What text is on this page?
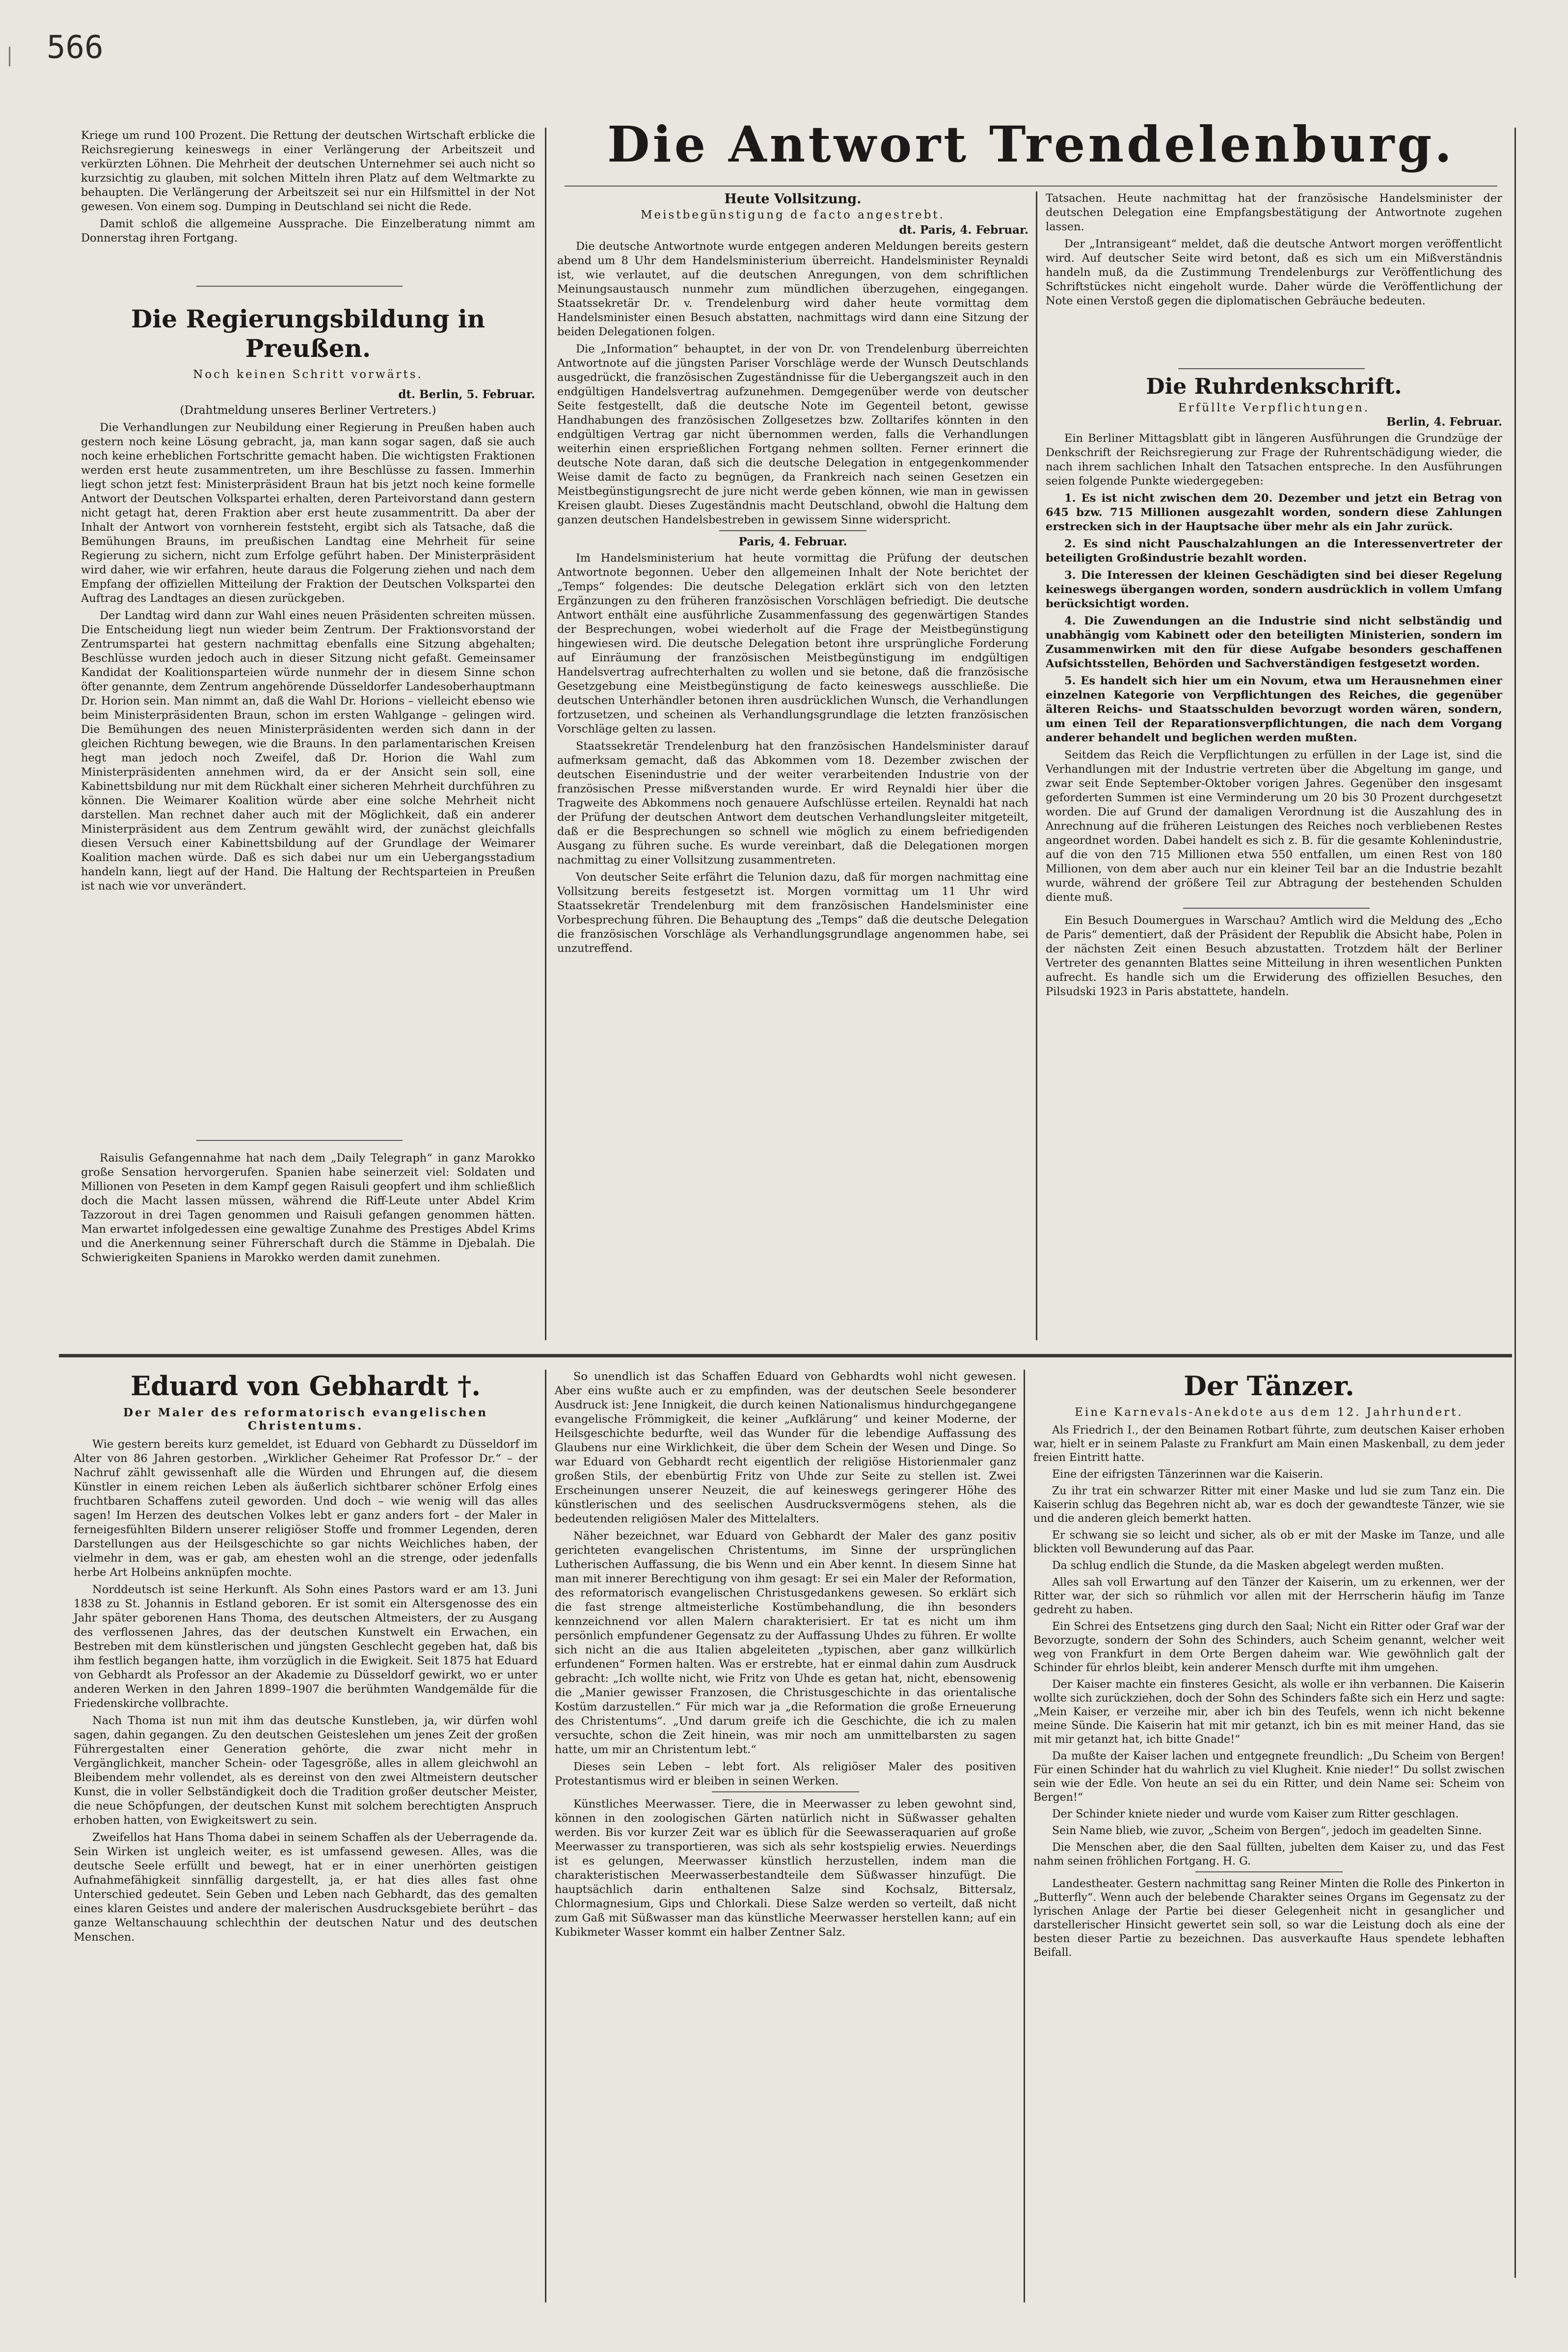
566

Kriege um rund 100 Prozent. Die Rettung der deutschen Wirtschaft erblicke die Reichsregierung keineswegs in einer Verlängerung der Arbeitszeit und verkürzten Löhnen. Die Mehrheit der deutschen Unternehmer sei auch nicht so kurzsichtig zu glauben, mit solchen Mitteln ihren Platz auf dem Weltmarkte zu behaupten. Die Verlängerung der Arbeitszeit sei nur ein Hilfsmittel in der Not gewesen. Von einem sog. Dumping in Deutschland sei nicht die Rede.

Damit schloß die allgemeine Aussprache. Die Einzelberatung nimmt am Donnerstag ihren Fortgang.

Die Regierungsbildung in Preußen.
Noch keinen Schritt vorwärts.
dt. Berlin, 5. Februar.
(Drahtmeldung unseres Berliner Vertreters.)

Die Verhandlungen zur Neubildung einer Regierung in Preußen haben auch gestern noch keine Lösung gebracht, ja, man kann sogar sagen, daß sie auch noch keine erheblichen Fortschritte gemacht haben. Die wichtigsten Fraktionen werden erst heute zusammentreten, um ihre Beschlüsse zu fassen. Immerhin liegt schon jetzt fest: Ministerpräsident Braun hat bis jetzt noch keine formelle Antwort der Deutschen Volkspartei erhalten, deren Parteivorstand dann gestern nicht getagt hat, deren Fraktion aber erst heute zusammentritt. Da aber der Inhalt der Antwort von vornherein feststeht, ergibt sich als Tatsache, daß die Bemühungen Brauns, im preußischen Landtag eine Mehrheit für seine Regierung zu sichern, nicht zum Erfolge geführt haben. Der Ministerpräsident wird daher, wie wir erfahren, heute daraus die Folgerung ziehen und nach dem Empfang der offiziellen Mitteilung der Fraktion der Deutschen Volkspartei den Auftrag des Landtages an diesen zurückgeben.

Der Landtag wird dann zur Wahl eines neuen Präsidenten schreiten müssen. Die Entscheidung liegt nun wieder beim Zentrum. Der Fraktionsvorstand der Zentrumspartei hat gestern nachmittag ebenfalls eine Sitzung abgehalten; Beschlüsse wurden jedoch auch in dieser Sitzung nicht gefaßt. Gemeinsamer Kandidat der Koalitionsparteien würde nunmehr der in diesem Sinne schon öfter genannte, dem Zentrum angehörende Düsseldorfer Landesoberhauptmann Dr. Horion sein. Man nimmt an, daß die Wahl Dr. Horions – vielleicht ebenso wie beim Ministerpräsidenten Braun, schon im ersten Wahlgange – gelingen wird. Die Bemühungen des neuen Ministerpräsidenten werden sich dann in der gleichen Richtung bewegen, wie die Brauns. In den parlamentarischen Kreisen hegt man jedoch noch Zweifel, daß Dr. Horion die Wahl zum Ministerpräsidenten annehmen wird, da er der Ansicht sein soll, eine Kabinettsbildung nur mit dem Rückhalt einer sicheren Mehrheit durchführen zu können. Die Weimarer Koalition würde aber eine solche Mehrheit nicht darstellen. Man rechnet daher auch mit der Möglichkeit, daß ein anderer Ministerpräsident aus dem Zentrum gewählt wird, der zunächst gleichfalls diesen Versuch einer Kabinettsbildung auf der Grundlage der Weimarer Koalition machen würde. Daß es sich dabei nur um ein Uebergangsstadium handeln kann, liegt auf der Hand. Die Haltung der Rechtsparteien in Preußen ist nach wie vor unverändert.

Raisulis Gefangennahme hat nach dem „Daily Telegraph“ in ganz Marokko große Sensation hervorgerufen. Spanien habe seinerzeit viel: Soldaten und Millionen von Peseten in dem Kampf gegen Raisuli geopfert und ihm schließlich doch die Macht lassen müssen, während die Riff-Leute unter Abdel Krim Tazzorout in drei Tagen genommen und Raisuli gefangen genommen hätten. Man erwartet infolgedessen eine gewaltige Zunahme des Prestiges Abdel Krims und die Anerkennung seiner Führerschaft durch die Stämme in Djebalah. Die Schwierigkeiten Spaniens in Marokko werden damit zunehmen.

Die Antwort Trendelenburg.
Heute Vollsitzung.
Meistbegünstigung de facto angestrebt.
dt. Paris, 4. Februar.

Die deutsche Antwortnote wurde entgegen anderen Meldungen bereits gestern abend um 8 Uhr dem Handelsministerium überreicht. Handelsminister Reynaldi ist, wie verlautet, auf die deutschen Anregungen, von dem schriftlichen Meinungsaustausch nunmehr zum mündlichen überzugehen, eingegangen. Staatssekretär Dr. v. Trendelenburg wird daher heute vormittag dem Handelsminister einen Besuch abstatten, nachmittags wird dann eine Sitzung der beiden Delegationen folgen.

Die „Information“ behauptet, in der von Dr. von Trendelenburg überreichten Antwortnote auf die jüngsten Pariser Vorschläge werde der Wunsch Deutschlands ausgedrückt, die französischen Zugeständnisse für die Uebergangszeit auch in den endgültigen Handelsvertrag aufzunehmen. Demgegenüber werde von deutscher Seite festgestellt, daß die deutsche Note im Gegenteil betont, gewisse Handhabungen des französischen Zollgesetzes bzw. Zolltarifes könnten in den endgültigen Vertrag gar nicht übernommen werden, falls die Verhandlungen weiterhin einen ersprießlichen Fortgang nehmen sollten. Ferner erinnert die deutsche Note daran, daß sich die deutsche Delegation in entgegenkommender Weise damit de facto zu begnügen, da Frankreich nach seinen Gesetzen ein Meistbegünstigungsrecht de jure nicht werde geben können, wie man in gewissen Kreisen glaubt. Dieses Zugeständnis macht Deutschland, obwohl die Haltung dem ganzen deutschen Handelsbestreben in gewissem Sinne widerspricht.

Paris, 4. Februar.

Im Handelsministerium hat heute vormittag die Prüfung der deutschen Antwortnote begonnen. Ueber den allgemeinen Inhalt der Note berichtet der „Temps“ folgendes: Die deutsche Delegation erklärt sich von den letzten Ergänzungen zu den früheren französischen Vorschlägen befriedigt. Die deutsche Antwort enthält eine ausführliche Zusammenfassung des gegenwärtigen Standes der Besprechungen, wobei wiederholt auf die Frage der Meistbegünstigung hingewiesen wird. Die deutsche Delegation betont ihre ursprüngliche Forderung auf Einräumung der französischen Meistbegünstigung im endgültigen Handelsvertrag aufrechterhalten zu wollen und sie betone, daß die französische Gesetzgebung eine Meistbegünstigung de facto keineswegs ausschließe. Die deutschen Unterhändler betonen ihren ausdrücklichen Wunsch, die Verhandlungen fortzusetzen, und scheinen als Verhandlungsgrundlage die letzten französischen Vorschläge gelten zu lassen.

Staatssekretär Trendelenburg hat den französischen Handelsminister darauf aufmerksam gemacht, daß das Abkommen vom 18. Dezember zwischen der deutschen Eisenindustrie und der weiter verarbeitenden Industrie von der französischen Presse mißverstanden wurde. Er wird Reynaldi hier über die Tragweite des Abkommens noch genauere Aufschlüsse erteilen. Reynaldi hat nach der Prüfung der deutschen Antwort dem deutschen Verhandlungsleiter mitgeteilt, daß er die Besprechungen so schnell wie möglich zu einem befriedigenden Ausgang zu führen suche. Es wurde vereinbart, daß die Delegationen morgen nachmittag zu einer Vollsitzung zusammentreten.

Von deutscher Seite erfährt die Telunion dazu, daß für morgen nachmittag eine Vollsitzung bereits festgesetzt ist. Morgen vormittag um 11 Uhr wird Staatssekretär Trendelenburg mit dem französischen Handelsminister eine Vorbesprechung führen. Die Behauptung des „Temps“ daß die deutsche Delegation die französischen Vorschläge als Verhandlungsgrundlage angenommen habe, sei unzutreffend.

Tatsachen. Heute nachmittag hat der französische Handelsminister der deutschen Delegation eine Empfangsbestätigung der Antwortnote zugehen lassen.

Der „Intransigeant“ meldet, daß die deutsche Antwort morgen veröffentlicht wird. Auf deutscher Seite wird betont, daß es sich um ein Mißverständnis handeln muß, da die Zustimmung Trendelenburgs zur Veröffentlichung des Schriftstückes nicht eingeholt wurde. Daher würde die Veröffentlichung der Note einen Verstoß gegen die diplomatischen Gebräuche bedeuten.

Die Ruhrdenkschrift.
Erfüllte Verpflichtungen.
Berlin, 4. Februar.

Ein Berliner Mittagsblatt gibt in längeren Ausführungen die Grundzüge der Denkschrift der Reichsregierung zur Frage der Ruhrentschädigung wieder, die nach ihrem sachlichen Inhalt den Tatsachen entspreche. In den Ausführungen seien folgende Punkte wiedergegeben:

1. Es ist nicht zwischen dem 20. Dezember und jetzt ein Betrag von 645 bzw. 715 Millionen ausgezahlt worden, sondern diese Zahlungen erstrecken sich in der Hauptsache über mehr als ein Jahr zurück.

2. Es sind nicht Pauschalzahlungen an die Interessenvertreter der beteiligten Großindustrie bezahlt worden.

3. Die Interessen der kleinen Geschädigten sind bei dieser Regelung keineswegs übergangen worden, sondern ausdrücklich in vollem Umfang berücksichtigt worden.

4. Die Zuwendungen an die Industrie sind nicht selbständig und unabhängig vom Kabinett oder den beteiligten Ministerien, sondern im Zusammenwirken mit den für diese Aufgabe besonders geschaffenen Aufsichtsstellen, Behörden und Sachverständigen festgesetzt worden.

5. Es handelt sich hier um ein Novum, etwa um Herausnehmen einer einzelnen Kategorie von Verpflichtungen des Reiches, die gegenüber älteren Reichs- und Staatsschulden bevorzugt worden wären, sondern, um einen Teil der Reparationsverpflichtungen, die nach dem Vorgang anderer behandelt und beglichen werden mußten.

Seitdem das Reich die Verpflichtungen zu erfüllen in der Lage ist, sind die Verhandlungen mit der Industrie vertreten über die Abgeltung im gange, und zwar seit Ende September-Oktober vorigen Jahres. Gegenüber den insgesamt geforderten Summen ist eine Verminderung um 20 bis 30 Prozent durchgesetzt worden. Die auf Grund der damaligen Verordnung ist die Auszahlung des in Anrechnung auf die früheren Leistungen des Reiches noch verbliebenen Restes angeordnet worden. Dabei handelt es sich z. B. für die gesamte Kohlenindustrie, auf die von den 715 Millionen etwa 550 entfallen, um einen Rest von 180 Millionen, von dem aber auch nur ein kleiner Teil bar an die Industrie bezahlt wurde, während der größere Teil zur Abtragung der bestehenden Schulden diente muß.

Ein Besuch Doumergues in Warschau? Amtlich wird die Meldung des „Echo de Paris“ dementiert, daß der Präsident der Republik die Absicht habe, Polen in der nächsten Zeit einen Besuch abzustatten. Trotzdem hält der Berliner Vertreter des genannten Blattes seine Mitteilung in ihren wesentlichen Punkten aufrecht. Es handle sich um die Erwiderung des offiziellen Besuches, den Pilsudski 1923 in Paris abstattete, handeln.

Eduard von Gebhardt †.
Der Maler des reformatorisch evangelischen Christentums.

Wie gestern bereits kurz gemeldet, ist Eduard von Gebhardt zu Düsseldorf im Alter von 86 Jahren gestorben. „Wirklicher Geheimer Rat Professor Dr.“ – der Nachruf zählt gewissenhaft alle die Würden und Ehrungen auf, die diesem Künstler in einem reichen Leben als äußerlich sichtbarer schöner Erfolg eines fruchtbaren Schaffens zuteil geworden. Und doch – wie wenig will das alles sagen! Im Herzen des deutschen Volkes lebt er ganz anders fort – der Maler in ferneigesfühlten Bildern unserer religiöser Stoffe und frommer Legenden, deren Darstellungen aus der Heilsgeschichte so gar nichts Weichliches haben, der vielmehr in dem, was er gab, am ehesten wohl an die strenge, oder jedenfalls herbe Art Holbeins anknüpfen mochte.

Norddeutsch ist seine Herkunft. Als Sohn eines Pastors ward er am 13. Juni 1838 zu St. Johannis in Estland geboren. Er ist somit ein Altersgenosse des ein Jahr später geborenen Hans Thoma, des deutschen Altmeisters, der zu Ausgang des verflossenen Jahres, das der deutschen Kunstwelt ein Erwachen, ein Bestreben mit dem künstlerischen und jüngsten Geschlecht gegeben hat, daß bis ihm festlich begangen hatte, ihm vorzüglich in die Ewigkeit. Seit 1875 hat Eduard von Gebhardt als Professor an der Akademie zu Düsseldorf gewirkt, wo er unter anderen Werken in den Jahren 1899–1907 die berühmten Wandgemälde für die Friedenskirche vollbrachte.

Nach Thoma ist nun mit ihm das deutsche Kunstleben, ja, wir dürfen wohl sagen, dahin gegangen. Zu den deutschen Geisteslehen um jenes Zeit der großen Führergestalten einer Generation gehörte, die zwar nicht mehr in Vergänglichkeit, mancher Schein- oder Tagesgröße, alles in allem gleichwohl an Bleibendem mehr vollendet, als es dereinst von den zwei Altmeistern deutscher Kunst, die in voller Selbständigkeit doch die Tradition großer deutscher Meister, die neue Schöpfungen, der deutschen Kunst mit solchem berechtigten Anspruch erhoben hatten, von Ewigkeitswert zu sein.

Zweifellos hat Hans Thoma dabei in seinem Schaffen als der Ueberragende da. Sein Wirken ist ungleich weiter, es ist umfassend gewesen. Alles, was die deutsche Seele erfüllt und bewegt, hat er in einer unerhörten geistigen Aufnahmefähigkeit sinnfällig dargestellt, ja, er hat dies alles fast ohne Unterschied gedeutet. Sein Geben und Leben nach Gebhardt, das des gemalten eines klaren Geistes und andere der malerischen Ausdrucksgebiete berührt – das ganze Weltanschauung schlechthin der deutschen Natur und des deutschen Menschen.

So unendlich ist das Schaffen Eduard von Gebhardts wohl nicht gewesen. Aber eins wußte auch er zu empfinden, was der deutschen Seele besonderer Ausdruck ist: Jene Innigkeit, die durch keinen Nationalismus hindurchgegangene evangelische Frömmigkeit, die keiner „Aufklärung“ und keiner Moderne, der Heilsgeschichte bedurfte, weil das Wunder für die lebendige Auffassung des Glaubens nur eine Wirklichkeit, die über dem Schein der Wesen und Dinge. So war Eduard von Gebhardt recht eigentlich der religiöse Historienmaler ganz großen Stils, der ebenbürtig Fritz von Uhde zur Seite zu stellen ist. Zwei Erscheinungen unserer Neuzeit, die auf keineswegs geringerer Höhe des künstlerischen und des seelischen Ausdrucksvermögens stehen, als die bedeutenden religiösen Maler des Mittelalters.

Näher bezeichnet, war Eduard von Gebhardt der Maler des ganz positiv gerichteten evangelischen Christentums, im Sinne der ursprünglichen Lutherischen Auffassung, die bis Wenn und ein Aber kennt. In diesem Sinne hat man mit innerer Berechtigung von ihm gesagt: Er sei ein Maler der Reformation, des reformatorisch evangelischen Christusgedankens gewesen. So erklärt sich die fast strenge altmeisterliche Kostümbehandlung, die ihn besonders kennzeichnend vor allen Malern charakterisiert. Er tat es nicht um ihm persönlich empfundener Gegensatz zu der Auffassung Uhdes zu führen. Er wollte sich nicht an die aus Italien abgeleiteten „typischen, aber ganz willkürlich erfundenen“ Formen halten. Was er erstrebte, hat er einmal dahin zum Ausdruck gebracht: „Ich wollte nicht, wie Fritz von Uhde es getan hat, nicht, ebensowenig die „Manier gewisser Franzosen, die Christusgeschichte in das orientalische Kostüm darzustellen.“ Für mich war ja „die Reformation die große Erneuerung des Christentums“. „Und darum greife ich die Geschichte, die ich zu malen versuchte, schon die Zeit hinein, was mir noch am unmittelbarsten zu sagen hatte, um mir an Christentum lebt.“

Dieses sein Leben – lebt fort. Als religiöser Maler des positiven Protestantismus wird er bleiben in seinen Werken.

Künstliches Meerwasser. Tiere, die in Meerwasser zu leben gewohnt sind, können in den zoologischen Gärten natürlich nicht in Süßwasser gehalten werden. Bis vor kurzer Zeit war es üblich für die Seewasseraquarien auf große Meerwasser zu transportieren, was sich als sehr kostspielig erwies. Neuerdings ist es gelungen, Meerwasser künstlich herzustellen, indem man die charakteristischen Meerwasserbestandteile dem Süßwasser hinzufügt. Die hauptsächlich darin enthaltenen Salze sind Kochsalz, Bittersalz, Chlormagnesium, Gips und Chlorkali. Diese Salze werden so verteilt, daß nicht zum Gaß mit Süßwasser man das künstliche Meerwasser herstellen kann; auf ein Kubikmeter Wasser kommt ein halber Zentner Salz.

Der Tänzer.
Eine Karnevals-Anekdote aus dem 12. Jahrhundert.

Als Friedrich I., der den Beinamen Rotbart führte, zum deutschen Kaiser erhoben war, hielt er in seinem Palaste zu Frankfurt am Main einen Maskenball, zu dem jeder freien Eintritt hatte.

Eine der eifrigsten Tänzerinnen war die Kaiserin.

Zu ihr trat ein schwarzer Ritter mit einer Maske und lud sie zum Tanz ein. Die Kaiserin schlug das Begehren nicht ab, war es doch der gewandteste Tänzer, wie sie und die anderen gleich bemerkt hatten.

Er schwang sie so leicht und sicher, als ob er mit der Maske im Tanze, und alle blickten voll Bewunderung auf das Paar.

Da schlug endlich die Stunde, da die Masken abgelegt werden mußten.

Alles sah voll Erwartung auf den Tänzer der Kaiserin, um zu erkennen, wer der Ritter war, der sich so rühmlich vor allen mit der Herrscherin häufig im Tanze gedreht zu haben.

Ein Schrei des Entsetzens ging durch den Saal; Nicht ein Ritter oder Graf war der Bevorzugte, sondern der Sohn des Schinders, auch Scheim genannt, welcher weit weg von Frankfurt in dem Orte Bergen daheim war. Wie gewöhnlich galt der Schinder für ehrlos bleibt, kein anderer Mensch durfte mit ihm umgehen.

Der Kaiser machte ein finsteres Gesicht, als wolle er ihn verbannen. Die Kaiserin wollte sich zurückziehen, doch der Sohn des Schinders faßte sich ein Herz und sagte: „Mein Kaiser, er verzeihe mir, aber ich bin des Teufels, wenn ich nicht bekenne meine Sünde. Die Kaiserin hat mit mir getanzt, ich bin es mit meiner Hand, das sie mit mir getanzt hat, ich bitte Gnade!“

Da mußte der Kaiser lachen und entgegnete freundlich: „Du Scheim von Bergen! Für einen Schinder hat du wahrlich zu viel Klugheit. Knie nieder!“ Du sollst zwischen sein wie der Edle. Von heute an sei du ein Ritter, und dein Name sei: Scheim von Bergen!“

Der Schinder kniete nieder und wurde vom Kaiser zum Ritter geschlagen.

Sein Name blieb, wie zuvor, „Scheim von Bergen“, jedoch im geadelten Sinne.

Die Menschen aber, die den Saal füllten, jubelten dem Kaiser zu, und das Fest nahm seinen fröhlichen Fortgang. H. G.

Landestheater. Gestern nachmittag sang Reiner Minten die Rolle des Pinkerton in „Butterfly“. Wenn auch der belebende Charakter seines Organs im Gegensatz zu der lyrischen Anlage der Partie bei dieser Gelegenheit nicht in gesanglicher und darstellerischer Hinsicht gewertet sein soll, so war die Leistung doch als eine der besten dieser Partie zu bezeichnen. Das ausverkaufte Haus spendete lebhaften Beifall.
